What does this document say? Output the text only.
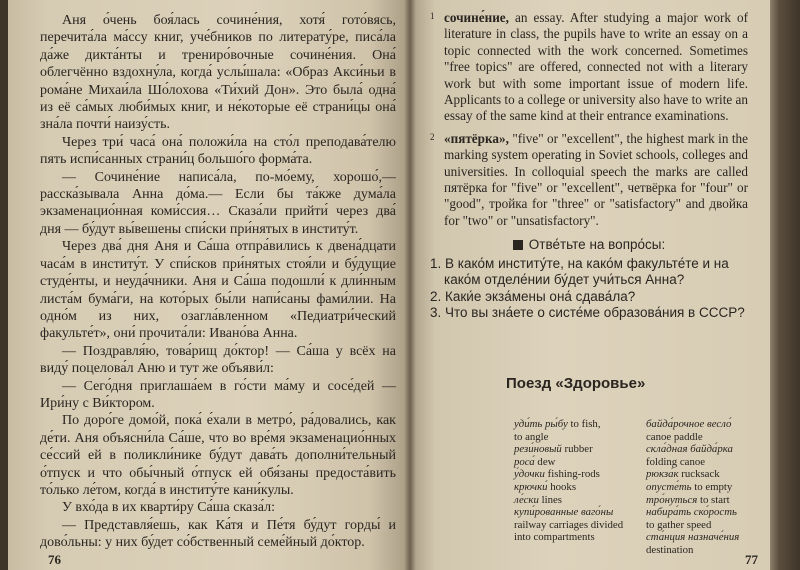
Аня о́чень боя́лась сочине́ния, хотя́ гото́вясь, перечита́ла ма́ссу книг, уче́бников по литерату́ре, писа́ла да́же дикта́нты и трениро́вочные сочине́ния. Она́ облегчённо вздохну́ла, когда́ услы́шала: «Образ Акси́ньи в рома́не Михаи́ла Шо́лохова «Ти́хий Дон». Это была́ одна́ из её са́мых люби́мых книг, и не́которые её страни́цы она́ зна́ла почти́ наизу́сть.

Через три́ часа́ она́ положи́ла на сто́л преподава́телю пять испи́санных страни́ц большо́го форма́та.

— Сочине́ние написа́ла, по-мо́ему, хорошо́,— расска́зывала Анна до́ма.— Если бы та́кже дума́ла экзаменацио́нная коми́ссия… Сказа́ли прийти́ через два́ дня — бу́дут вы́вешены спи́ски при́нятых в институ́т.

Через два́ дня Аня и Са́ша отпра́вились к двена́дцати часа́м в институ́т. У спи́сков при́нятых стоя́ли и бу́дущие студе́нты, и неуда́чники. Аня и Са́ша подошли́ к дли́нным листа́м бума́ги, на кото́рых бы́ли напи́саны фами́лии. На одно́м из них, озагла́вленном «Педиатри́ческий факульте́т», они́ прочита́ли: Ивано́ва Анна.

— Поздравля́ю, това́рищ до́ктор! — Са́ша у всёх на виду́ поцелова́л Аню и тут же объяви́л:

— Сего́дня приглаша́ем в го́сти ма́му и сосе́дей — Ири́ну с Ви́ктором.

По доро́ге домо́й, пока́ е́хали в метро́, ра́довались, как де́ти. Аня объясни́ла Са́ше, что во вре́мя экзаменацио́нных се́ссий ей в поликли́нике бу́дут дава́ть дополни́тельный о́тпуск и что обы́чный о́тпуск ей обя́заны предоста́вить то́лько ле́том, когда́ в институ́те кани́кулы.

У вхо́да в их кварти́ру Са́ша сказа́л:

— Представля́ешь, как Ка́тя и Пе́тя бу́дут горды́ и дово́льны: у них бу́дет со́бственный семе́йный до́ктор.

76
1 сочине́ние, an essay. After studying a major work of literature in class, the pupils have to write an essay on a topic connected with the work concerned. Sometimes "free topics" are offered, connected not with a literary work but with some important issue of modern life. Applicants to a college or university also have to write an essay of the same kind at their entrance examinations.
2 «пятёрка», "five" or "excellent", the highest mark in the marking system operating in Soviet schools, colleges and universities. In colloquial speech the marks are called пятёрка for "five" or "excellent", четвёрка for "four" or "good", тройка for "three" or "satisfactory" and двойка for "two" or "unsatisfactory".
Отве́тьте на вопро́сы:
1. В како́м институ́те, на како́м факульте́те и на како́м отделе́нии бу́дет учи́ться Анна?
2. Каки́е экза́мены она́ сдава́ла?
3. Что вы зна́ете о систе́ме образова́ния в СССР?
Поезд «Здоровье»
уди́ть ры́бу to fish,
to angle
рези́новый rubber
роса́ dew
у́дочки fishing-rods
крючки́ hooks
ле́ски lines
купи́рованные ваго́ны railway carriages divided into compartments
байда́рочное весло́ canoe paddle
скла́дная байда́рка folding canoe
рюкза́к rucksack
опусте́ть to empty
тро́нуться to start
набира́ть ско́рость to gather speed
ста́нция назначе́ния destination
77
